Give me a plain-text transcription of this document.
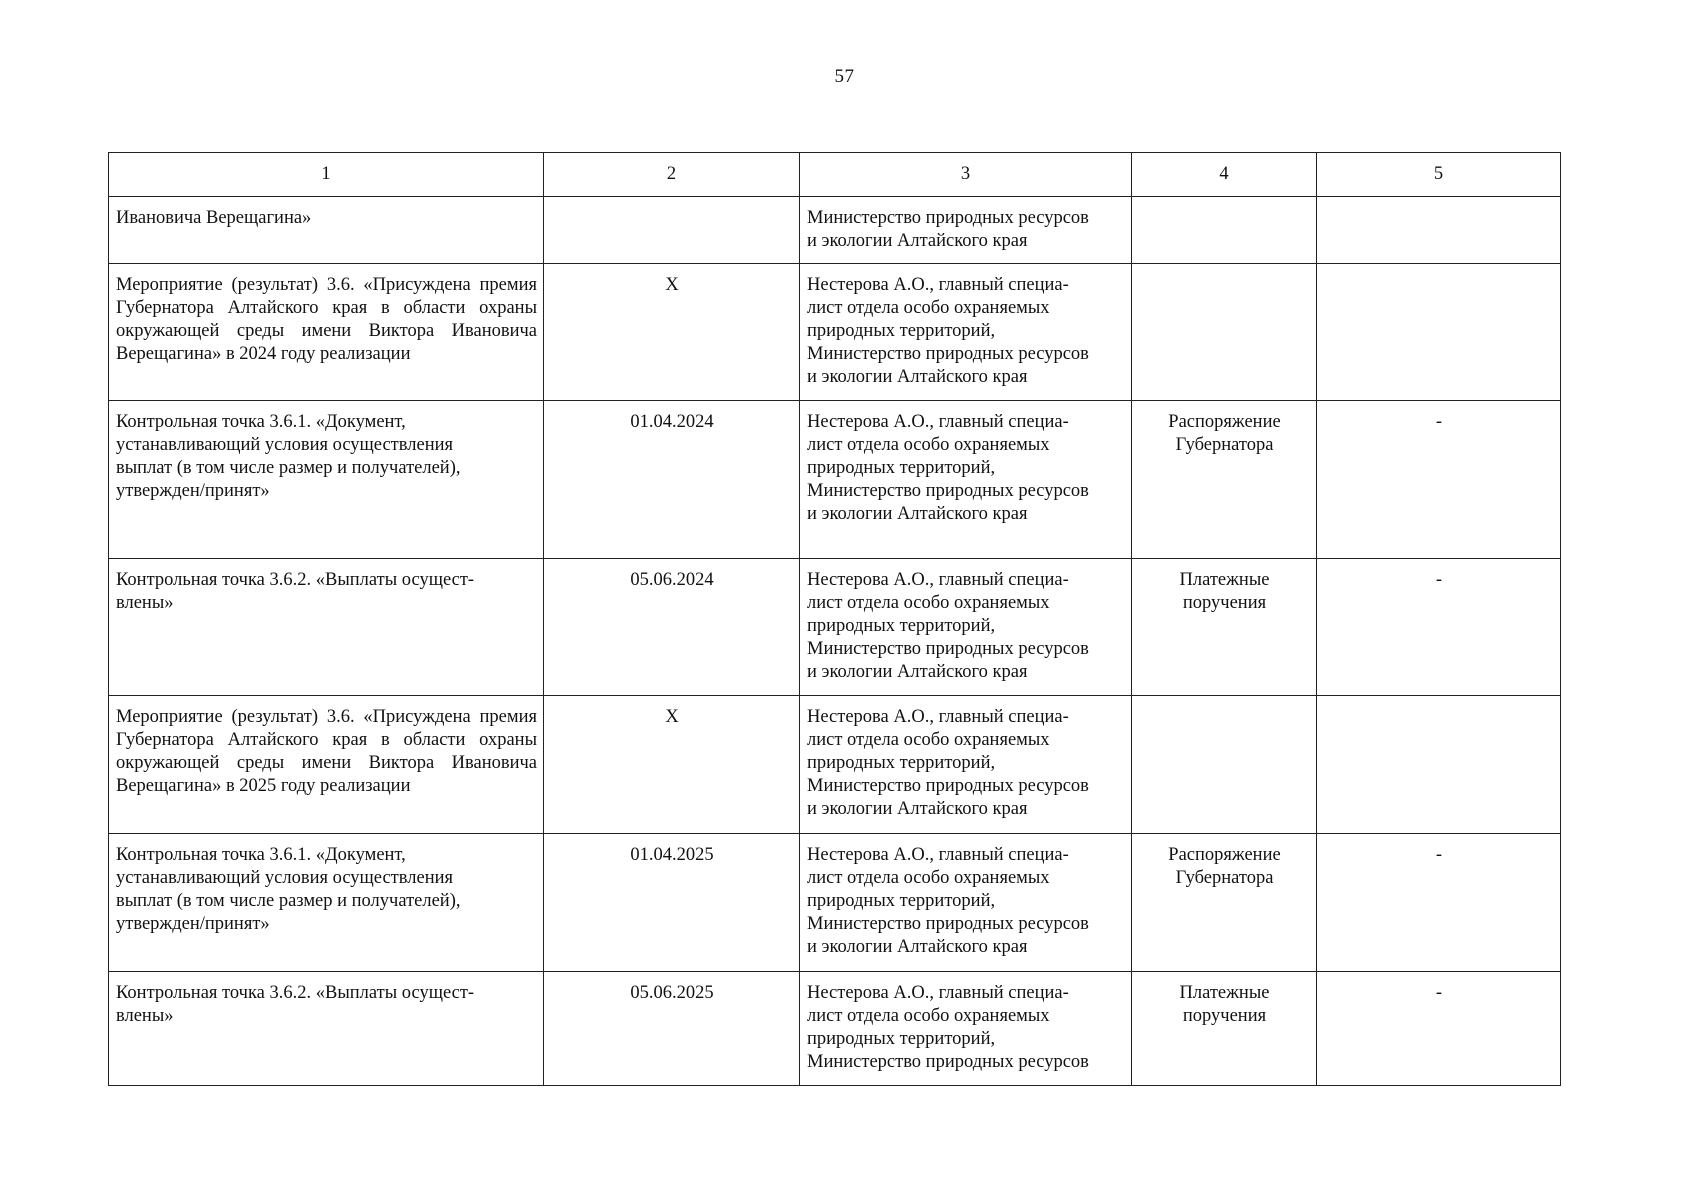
57
1	2	3	4	5

Ивановича Верещагина»		Министерство природных ресурсов
и экологии Алтайского края		

Мероприятие (результат) 3.6. «Присуждена премия Губернатора Алтайского края в области охраны окружающей среды имени Виктора Ивановича Верещагина» в 2024 году реализации	X	Нестерова А.О., главный специа-
лист отдела особо охраняемых
природных территорий,
Министерство природных ресурсов
и экологии Алтайского края		

Контрольная точка 3.6.1. «Документ,
устанавливающий условия осуществления
выплат (в том числе размер и получателей),
утвержден/принят»	01.04.2024	Нестерова А.О., главный специа-
лист отдела особо охраняемых
природных территорий,
Министерство природных ресурсов
и экологии Алтайского края	Распоряжение
Губернатора	-

Контрольная точка 3.6.2. «Выплаты осущест-
влены»	05.06.2024	Нестерова А.О., главный специа-
лист отдела особо охраняемых
природных территорий,
Министерство природных ресурсов
и экологии Алтайского края	Платежные
поручения	-

Мероприятие (результат) 3.6. «Присуждена премия Губернатора Алтайского края в области охраны окружающей среды имени Виктора Ивановича Верещагина» в 2025 году реализации	X	Нестерова А.О., главный специа-
лист отдела особо охраняемых
природных территорий,
Министерство природных ресурсов
и экологии Алтайского края		

Контрольная точка 3.6.1. «Документ,
устанавливающий условия осуществления
выплат (в том числе размер и получателей),
утвержден/принят»	01.04.2025	Нестерова А.О., главный специа-
лист отдела особо охраняемых
природных территорий,
Министерство природных ресурсов
и экологии Алтайского края	Распоряжение
Губернатора	-

Контрольная точка 3.6.2. «Выплаты осущест-
влены»	05.06.2025	Нестерова А.О., главный специа-
лист отдела особо охраняемых
природных территорий,
Министерство природных ресурсов	Платежные
поручения	-
